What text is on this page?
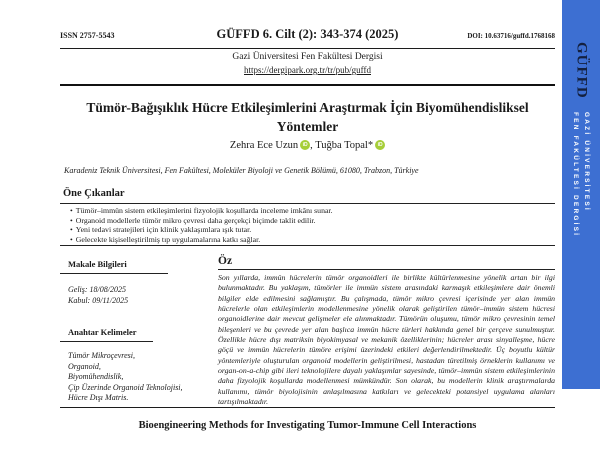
ISSN 2757-5543	GÜFFD 6. Cilt (2): 343-374 (2025)	DOI: 10.63716/guffd.1768168
Gazi Üniversitesi Fen Fakültesi Dergisi
https://dergipark.org.tr/tr/pub/guffd
Tümör-Bağışıklık Hücre Etkileşimlerini Araştırmak İçin Biyomühendisliksel Yöntemler
Zehra Ece Uzun iD , Tuğba Topal* iD
Karadeniz Teknik Üniversitesi, Fen Fakültesi, Moleküler Biyoloji ve Genetik Bölümü, 61080, Trabzon, Türkiye
Öne Çıkanlar
• Tümör–immün sistem etkileşimlerini fizyolojik koşullarda inceleme imkânı sunar.
• Organoid modellerle tümör mikro çevresi daha gerçekçi biçimde taklit edilir.
• Yeni tedavi stratejileri için klinik yaklaşımlara ışık tutar.
• Gelecekte kişiselleştirilmiş tıp uygulamalarına katkı sağlar.
Makale Bilgileri
Geliş: 18/08/2025
Kabul: 09/11/2025
Anahtar Kelimeler
Tümör Mikroçevresi,
Organoid,
Biyomühendislik,
Çip Üzerinde Organoid Teknolojisi,
Hücre Dışı Matris.
Öz
Son yıllarda, immün hücrelerin tümör organoidleri ile birlikte kültürlenmesine yönelik artan bir ilgi bulunmaktadır. Bu yaklaşım, tümörler ile immün sistem arasındaki karmaşık etkileşimlere dair önemli bilgiler elde edilmesini sağlamıştır. Bu çalışmada, tümör mikro çevresi içerisinde yer alan immün hücrelerle olan etkileşimlerin modellenmesine yönelik olarak geliştirilen tümör–immün sistem hücresi organoidlerine dair mevcut gelişmeler ele alınmaktadır. Tümörün oluşumu, tümör mikro çevresinin temel bileşenleri ve bu çevrede yer alan başlıca immün hücre türleri hakkında genel bir çerçeve sunulmuştur. Özellikle hücre dışı matriksin biyokimyasal ve mekanik özelliklerinin; hücreler arası sinyalleşme, hücre göçü ve immün hücrelerin tümöre erişimi üzerindeki etkileri değerlendirilmektedir. Üç boyutlu kültür yöntemleriyle oluşturulan organoid modellerin geliştirilmesi, hastadan türetilmiş örneklerin kullanımı ve organ-on-a-chip gibi ileri teknolojilere dayalı yaklaşımlar sayesinde, tümör–immün sistem etkileşimlerinin daha fizyolojik koşullarda modellenmesi mümkündür. Son olarak, bu modellerin klinik araştırmalarda kullanımı, tümör biyolojisinin anlaşılmasına katkıları ve gelecekteki potansiyel uygulama alanları tartışılmaktadır.
Bioengineering Methods for Investigating Tumor-Immune Cell Interactions
GÜFFD
GAZİ ÜNİVERSİTESİ
FEN FAKÜLTESİ DERGİSİ
